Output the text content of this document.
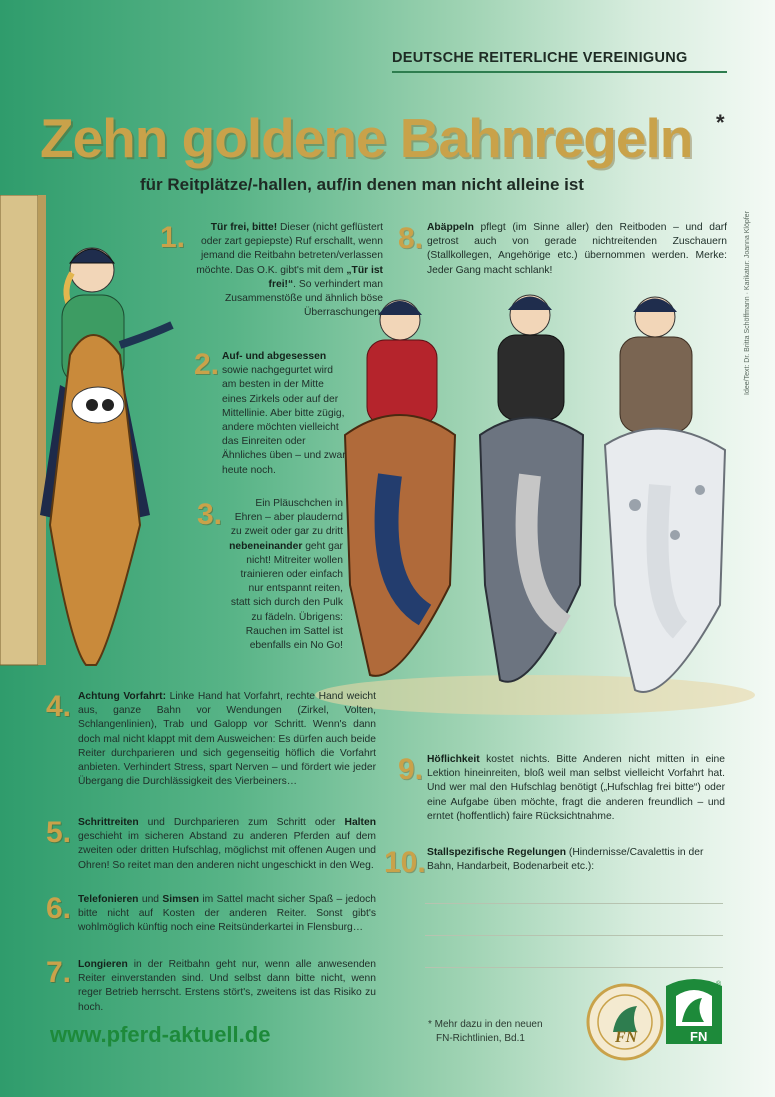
DEUTSCHE REITERLICHE VEREINIGUNG
Zehn goldene Bahnregeln *
für Reitplätze/-hallen, auf/in denen man nicht alleine ist
Idee/Text: Dr. Britta Schöffmann · Karikatur: Joanna Klöpfer
1.	Tür frei, bitte! Dieser (nicht geflüstert oder zart gepiepste) Ruf erschallt, wenn jemand die Reitbahn betreten/verlassen möchte. Das O.K. gibt's mit dem „Tür ist frei!“. So verhindert man Zusammenstöße und ähnlich böse Überraschungen.
2. Auf- und abgesessen sowie nachgegurtet wird am besten in der Mitte eines Zirkels oder auf der Mittellinie. Aber bitte zügig, andere möchten vielleicht das Einreiten oder Ähnliches üben – und zwar heute noch.
3.	Ein Pläuschchen in Ehren – aber plaudernd zu zweit oder gar zu dritt nebeneinander geht gar nicht! Mitreiter wollen trainieren oder einfach nur entspannt reiten, statt sich durch den Pulk zu fädeln. Übrigens: Rauchen im Sattel ist ebenfalls ein No Go!
4. Achtung Vorfahrt: Linke Hand hat Vorfahrt, rechte Hand weicht aus, ganze Bahn vor Wendungen (Zirkel, Volten, Schlangenlinien), Trab und Galopp vor Schritt. Wenn's dann doch mal nicht klappt mit dem Ausweichen: Es dürfen auch beide Reiter durchparieren und sich gegenseitig höflich die Vorfahrt anbieten. Verhindert Stress, spart Nerven – und fördert wie jeder Übergang die Durchlässigkeit des Vierbeiners…
5. Schrittreiten und Durchparieren zum Schritt oder Halten geschieht im sicheren Abstand zu anderen Pferden auf dem zweiten oder dritten Hufschlag, möglichst mit offenen Augen und Ohren! So reitet man den anderen nicht ungeschickt in den Weg.
6. Telefonieren und Simsen im Sattel macht sicher Spaß – jedoch bitte nicht auf Kosten der anderen Reiter. Sonst gibt's wohlmöglich künftig noch eine Reitsünderkartei in Flensburg…
7. Longieren in der Reitbahn geht nur, wenn alle anwesenden Reiter einverstanden sind. Und selbst dann bitte nicht, wenn reger Betrieb herrscht. Erstens stört's, zweitens ist das Risiko zu hoch.
8. Abäppeln pflegt (im Sinne aller) den Reitboden – und darf getrost auch von gerade nichtreitenden Zuschauern (Stallkollegen, Angehörige etc.) übernommen werden. Merke: Jeder Gang macht schlank!
9. Höflichkeit kostet nichts. Bitte Anderen nicht mitten in eine Lektion hineinreiten, bloß weil man selbst vielleicht Vorfahrt hat. Und wer mal den Hufschlag benötigt („Hufschlag frei bitte“) oder eine Aufgabe üben möchte, fragt die anderen freundlich – und erntet (hoffentlich) faire Rücksichtnahme.
10. Stallspezifische Regelungen (Hindernisse/Cavalettis in der Bahn, Handarbeit, Bodenarbeit etc.):
www.pferd-aktuell.de	* Mehr dazu in den neuen
FN-Richtlinien, Bd.1	FN	FN
®
